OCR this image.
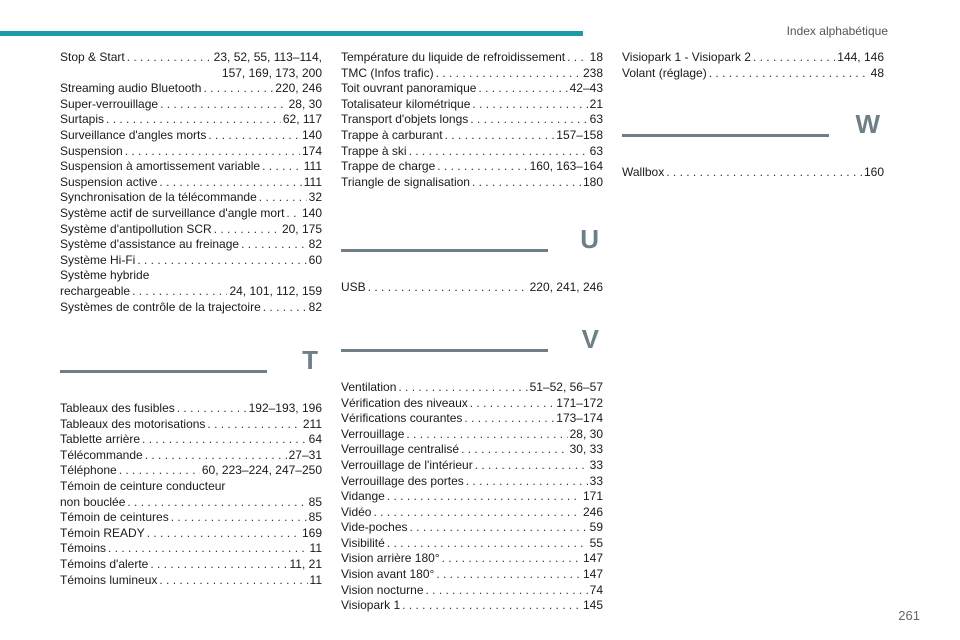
Index alphabétique
Stop & Start . . .	23, 52, 55, 113–114,
157, 169, 173, 200
Streaming audio Bluetooth . . .	220, 246
Super-verrouillage . . .	28, 30
Surtapis . . .	62, 117
Surveillance d'angles morts . . .	140
Suspension . . .	174
Suspension à amortissement variable . . .	111
Suspension active . . .	111
Synchronisation de la télécommande . . .	32
Système actif de surveillance d'angle mort . . . 140
Système d'antipollution SCR . . .	20, 175
Système d'assistance au freinage . . .	82
Système Hi-Fi . . .	60
Système hybride
rechargeable . . .	24, 101, 112, 159
Systèmes de contrôle de la trajectoire . . .	82
T
Tableaux des fusibles . . .	192–193, 196
Tableaux des motorisations . . .	211
Tablette arrière . . .	64
Télécommande . . .	27–31
Téléphone . . .	60, 223–224, 247–250
Témoin de ceinture conducteur
non bouclée . . .	85
Témoin de ceintures . . .	85
Témoin READY . . .	169
Témoins . . .	11
Témoins d'alerte . . .	11, 21
Témoins lumineux . . .	11
Température du liquide de refroidissement . . . 18
TMC (Infos trafic) . . .	238
Toit ouvrant panoramique . . .	42–43
Totalisateur kilométrique . . .	21
Transport d'objets longs . . .	63
Trappe à carburant . . .	157–158
Trappe à ski . . .	63
Trappe de charge . . .	160, 163–164
Triangle de signalisation . . .	180
U
USB . . .	220, 241, 246
V
Ventilation . . .	51–52, 56–57
Vérification des niveaux . . .	171–172
Vérifications courantes . . .	173–174
Verrouillage . . .	28, 30
Verrouillage centralisé . . .	30, 33
Verrouillage de l'intérieur . . .	33
Verrouillage des portes . . .	33
Vidange . . .	171
Vidéo . . .	246
Vide-poches . . .	59
Visibilité . . .	55
Vision arrière 180° . . .	147
Vision avant 180° . . .	147
Vision nocturne . . .	74
Visiopark 1 . . .	145
Visiopark 1 - Visiopark 2 . . .	144, 146
Volant (réglage) . . .	48
W
Wallbox . . .	160
261
